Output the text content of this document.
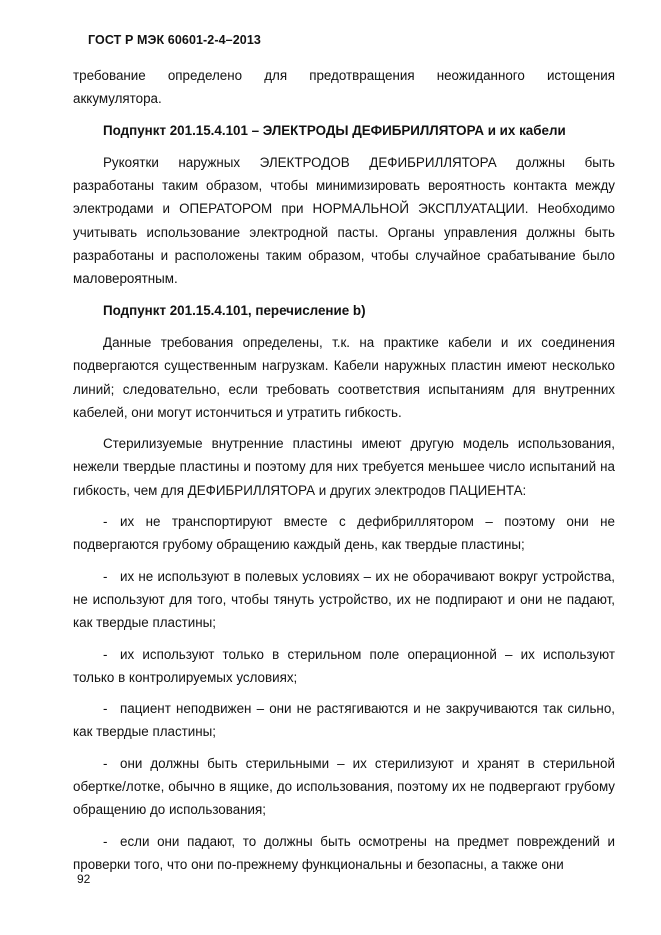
ГОСТ Р МЭК 60601-2-4–2013

требование определено для предотвращения неожиданного истощения аккумулятора.

Подпункт 201.15.4.101 – ЭЛЕКТРОДЫ ДЕФИБРИЛЛЯТОРА и их кабели

Рукоятки наружных ЭЛЕКТРОДОВ ДЕФИБРИЛЛЯТОРА должны быть разработаны таким образом, чтобы минимизировать вероятность контакта между электродами и ОПЕРАТОРОМ при НОРМАЛЬНОЙ ЭКСПЛУАТАЦИИ. Необходимо учитывать использование электродной пасты. Органы управления должны быть разработаны и расположены таким образом, чтобы случайное срабатывание было маловероятным.

Подпункт 201.15.4.101, перечисление b)

Данные требования определены, т.к. на практике кабели и их соединения подвергаются существенным нагрузкам. Кабели наружных пластин имеют несколько линий; следовательно, если требовать соответствия испытаниям для внутренних кабелей, они могут истончиться и утратить гибкость.

Стерилизуемые внутренние пластины имеют другую модель использования, нежели твердые пластины и поэтому для них требуется меньшее число испытаний на гибкость, чем для ДЕФИБРИЛЛЯТОРА и других электродов ПАЦИЕНТА:

- их не транспортируют вместе с дефибриллятором – поэтому они не подвергаются грубому обращению каждый день, как твердые пластины;

- их не используют в полевых условиях – их не оборачивают вокруг устройства, не используют для того, чтобы тянуть устройство, их не подпирают и они не падают, как твердые пластины;

- их используют только в стерильном поле операционной – их используют только в контролируемых условиях;

- пациент неподвижен – они не растягиваются и не закручиваются так сильно, как твердые пластины;

- они должны быть стерильными – их стерилизуют и хранят в стерильной обертке/лотке, обычно в ящике, до использования, поэтому их не подвергают грубому обращению до использования;

- если они падают, то должны быть осмотрены на предмет повреждений и проверки того, что они по-прежнему функциональны и безопасны, а также они

92
